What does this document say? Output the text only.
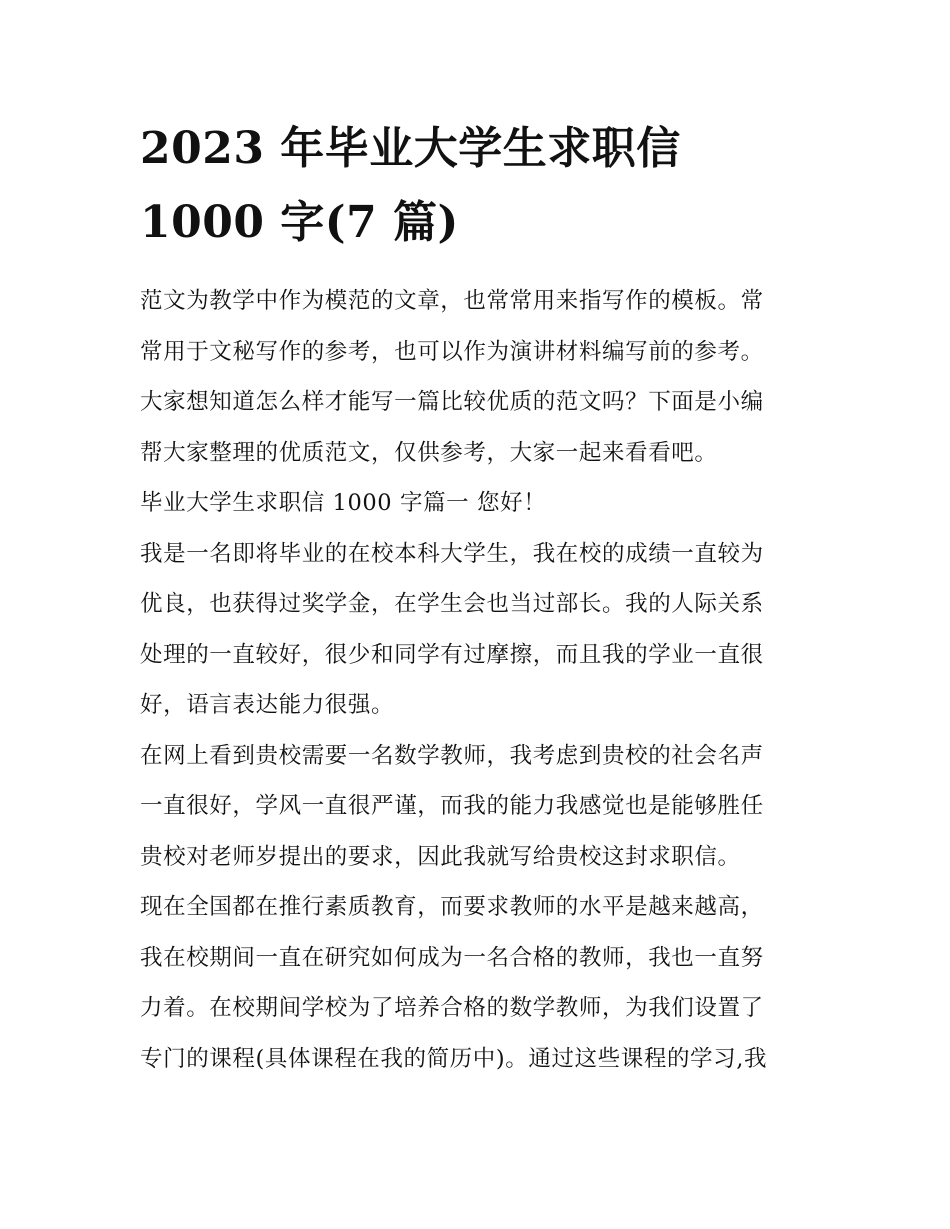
2023 年毕业大学生求职信
1000 字(7 篇)
范文为教学中作为模范的文章，也常常用来指写作的模板。常
常用于文秘写作的参考，也可以作为演讲材料编写前的参考。
大家想知道怎么样才能写一篇比较优质的范文吗？下面是小编
帮大家整理的优质范文，仅供参考，大家一起来看看吧。
毕业大学生求职信 1000 字篇一 您好！
我是一名即将毕业的在校本科大学生，我在校的成绩一直较为
优良，也获得过奖学金，在学生会也当过部长。我的人际关系
处理的一直较好，很少和同学有过摩擦，而且我的学业一直很
好，语言表达能力很强。
在网上看到贵校需要一名数学教师，我考虑到贵校的社会名声
一直很好，学风一直很严谨，而我的能力我感觉也是能够胜任
贵校对老师岁提出的要求，因此我就写给贵校这封求职信。
现在全国都在推行素质教育，而要求教师的水平是越来越高，
我在校期间一直在研究如何成为一名合格的教师，我也一直努
力着。在校期间学校为了培养合格的数学教师，为我们设置了
专门的课程(具体课程在我的简历中)。通过这些课程的学习,我
